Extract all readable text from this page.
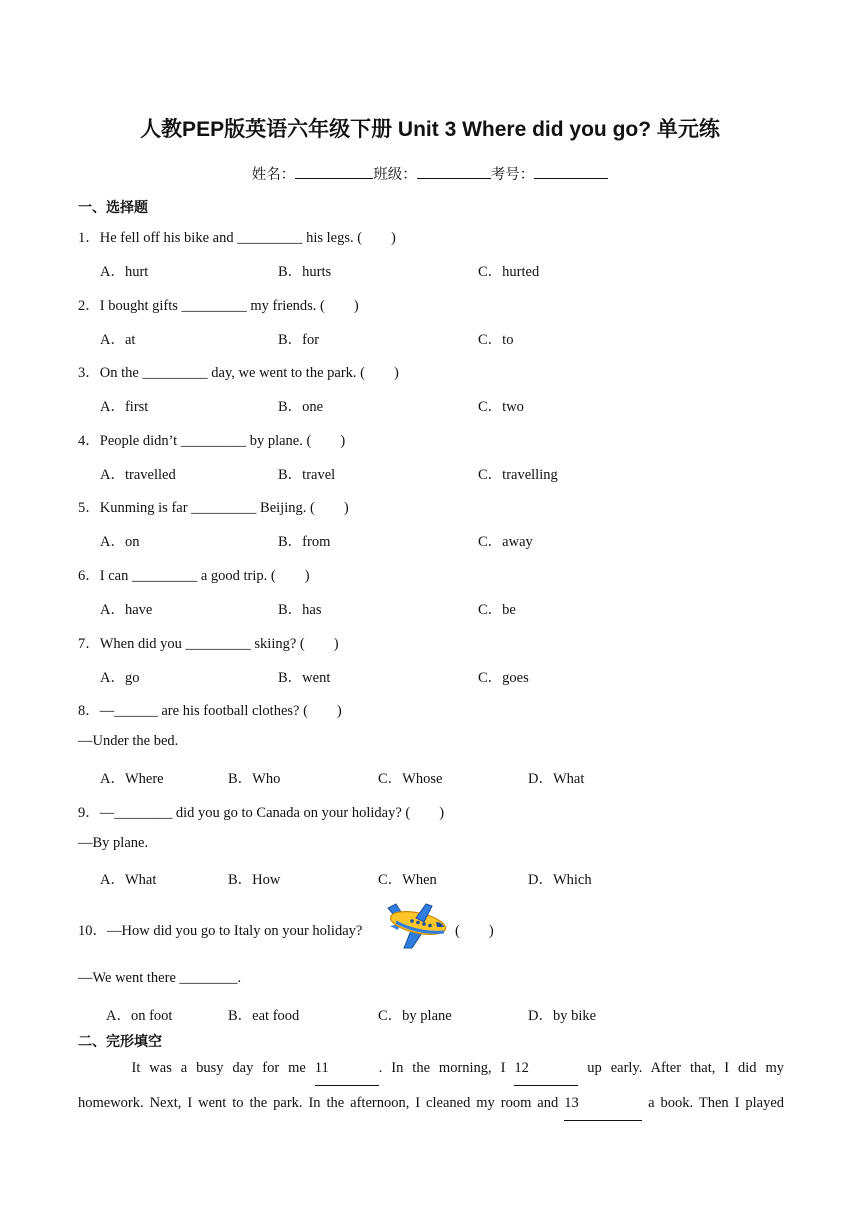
人教PEP版英语六年级下册 Unit 3 Where did you go? 单元练
姓名：	班级：	考号：
一、选择题
1．He fell off his bike and _________ his legs. (　　)
A．hurt	B．hurts	C．hurted
2．I bought gifts _________ my friends. (　　)
A．at	B．for	C．to
3．On the _________ day, we went to the park. (　　)
A．first	B．one	C．two
4．People didn’t _________ by plane. (　　)
A．travelled	B．travel	C．travelling
5．Kunming is far _________ Beijing. (　　)
A．on	B．from	C．away
6．I can _________ a good trip. (　　)
A．have	B．has	C．be
7．When did you _________ skiing? (　　)
A．go	B．went	C．goes
8．—______ are his football clothes? (　　)
—Under the bed.
A．Where	B．Who	C．Whose	D．What
9．—________ did you go to Canada on your holiday? (　　)
—By plane.
A．What	B．How	C．When	D．Which
10．—How did you go to Italy on your holiday?	(　　)
—We went there ________.
A．on foot	B．eat food	C．by plane	D．by bike
二、完形填空
It was a busy day for me 11	. In the morning, I 12	up early. After that, I did my
homework. Next, I went to the park. In the afternoon, I cleaned my room and 13	a book. Then I played
